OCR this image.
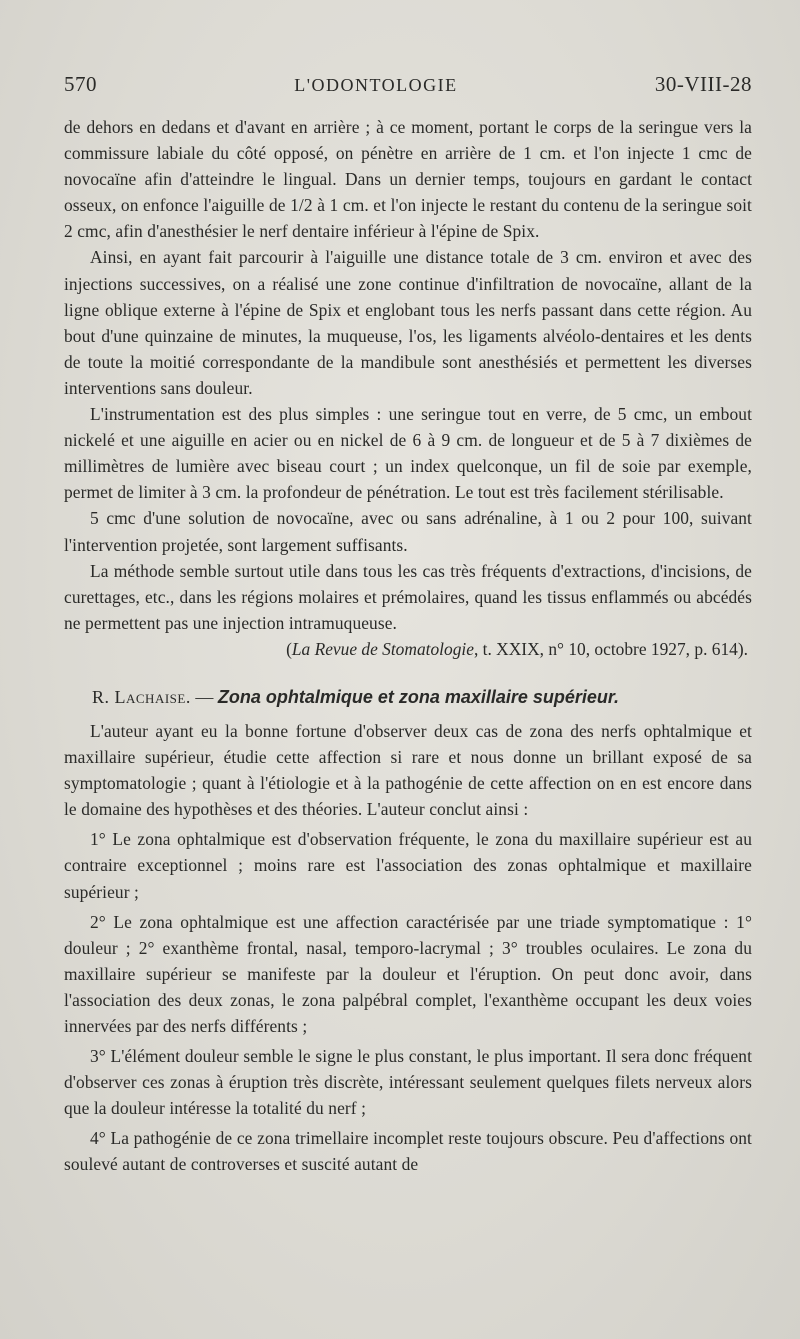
570	L'ODONTOLOGIE	30-VIII-28

de dehors en dedans et d'avant en arrière ; à ce moment, portant le corps de la seringue vers la commissure labiale du côté opposé, on pénètre en arrière de 1 cm. et l'on injecte 1 cmc de novocaïne afin d'atteindre le lingual. Dans un dernier temps, toujours en gardant le contact osseux, on enfonce l'aiguille de 1/2 à 1 cm. et l'on injecte le restant du contenu de la seringue soit 2 cmc, afin d'anesthésier le nerf dentaire inférieur à l'épine de Spix.

Ainsi, en ayant fait parcourir à l'aiguille une distance totale de 3 cm. environ et avec des injections successives, on a réalisé une zone continue d'infiltration de novocaïne, allant de la ligne oblique externe à l'épine de Spix et englobant tous les nerfs passant dans cette région. Au bout d'une quinzaine de minutes, la muqueuse, l'os, les ligaments alvéolo-dentaires et les dents de toute la moitié correspondante de la mandibule sont anesthésiés et permettent les diverses interventions sans douleur.

L'instrumentation est des plus simples : une seringue tout en verre, de 5 cmc, un embout nickelé et une aiguille en acier ou en nickel de 6 à 9 cm. de longueur et de 5 à 7 dixièmes de millimètres de lumière avec biseau court ; un index quelconque, un fil de soie par exemple, permet de limiter à 3 cm. la profondeur de pénétration. Le tout est très facilement stérilisable.

5 cmc d'une solution de novocaïne, avec ou sans adrénaline, à 1 ou 2 pour 100, suivant l'intervention projetée, sont largement suffisants.

La méthode semble surtout utile dans tous les cas très fréquents d'extractions, d'incisions, de curettages, etc., dans les régions molaires et prémolaires, quand les tissus enflammés ou abcédés ne permettent pas une injection intramuqueuse.

(La Revue de Stomatologie, t. XXIX, n° 10, octobre 1927, p. 614).

R. Lachaise. — Zona ophtalmique et zona maxillaire supérieur.

L'auteur ayant eu la bonne fortune d'observer deux cas de zona des nerfs ophtalmique et maxillaire supérieur, étudie cette affection si rare et nous donne un brillant exposé de sa symptomatologie ; quant à l'étiologie et à la pathogénie de cette affection on en est encore dans le domaine des hypothèses et des théories. L'auteur conclut ainsi :

1° Le zona ophtalmique est d'observation fréquente, le zona du maxillaire supérieur est au contraire exceptionnel ; moins rare est l'association des zonas ophtalmique et maxillaire supérieur ;

2° Le zona ophtalmique est une affection caractérisée par une triade symptomatique : 1° douleur ; 2° exanthème frontal, nasal, temporo-lacrymal ; 3° troubles oculaires. Le zona du maxillaire supérieur se manifeste par la douleur et l'éruption. On peut donc avoir, dans l'association des deux zonas, le zona palpébral complet, l'exanthème occupant les deux voies innervées par des nerfs différents ;

3° L'élément douleur semble le signe le plus constant, le plus important. Il sera donc fréquent d'observer ces zonas à éruption très discrète, intéressant seulement quelques filets nerveux alors que la douleur intéresse la totalité du nerf ;

4° La pathogénie de ce zona trimellaire incomplet reste toujours obscure. Peu d'affections ont soulevé autant de controverses et suscité autant de
